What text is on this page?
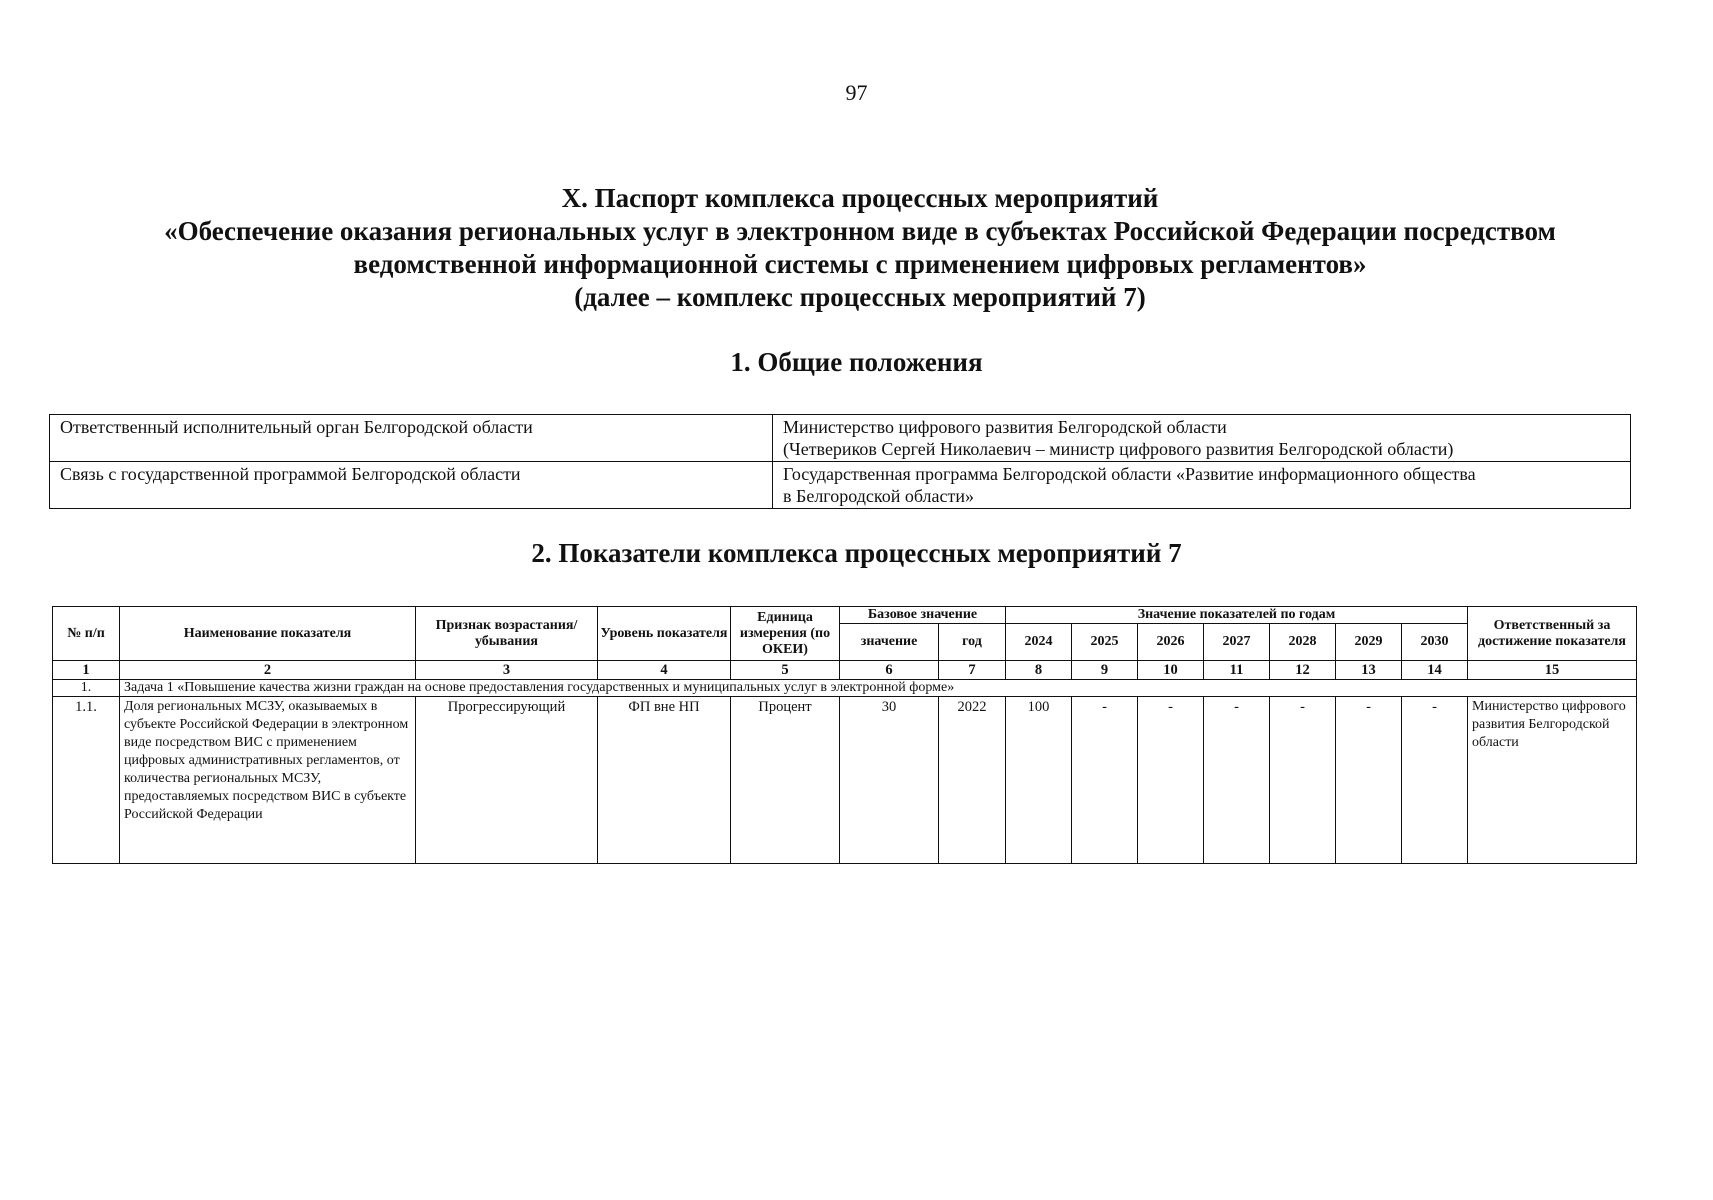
97
X. Паспорт комплекса процессных мероприятий
«Обеспечение оказания региональных услуг в электронном виде в субъектах Российской Федерации посредством
ведомственной информационной системы с применением цифровых регламентов»
(далее – комплекс процессных мероприятий 7)
1. Общие положения
Ответственный исполнительный орган Белгородской области	Министерство цифрового развития Белгородской области
(Четвериков Сергей Николаевич – министр цифрового развития Белгородской области)

Связь с государственной программой Белгородской области	Государственная программа Белгородской области «Развитие информационного общества
в Белгородской области»
2. Показатели комплекса процессных мероприятий 7
№ п/п	Наименование показателя	Признак возрастания/ убывания	Уровень показателя	Единица измерения (по ОКЕИ)	Базовое значение		Значение показателей по годам							Ответственный за достижение показателя
					значение	год	2024	2025	2026	2027	2028	2029	2030	
1	2	3	4	5	6	7	8	9	10	11	12	13	14	15
1.	Задача 1 «Повышение качества жизни граждан на основе предоставления государственных и муниципальных услуг в электронной форме»													
1.1.	Доля региональных МСЗУ, оказываемых в субъекте Российской Федерации в электронном виде посредством ВИС с применением цифровых административных регламентов, от количества региональных МСЗУ, предоставляемых посредством ВИС в субъекте Российской Федерации	Прогрессирующий	ФП вне НП	Процент	30	2022	100	-	-	-	-	-	-	Министерство цифрового развития Белгородской области
